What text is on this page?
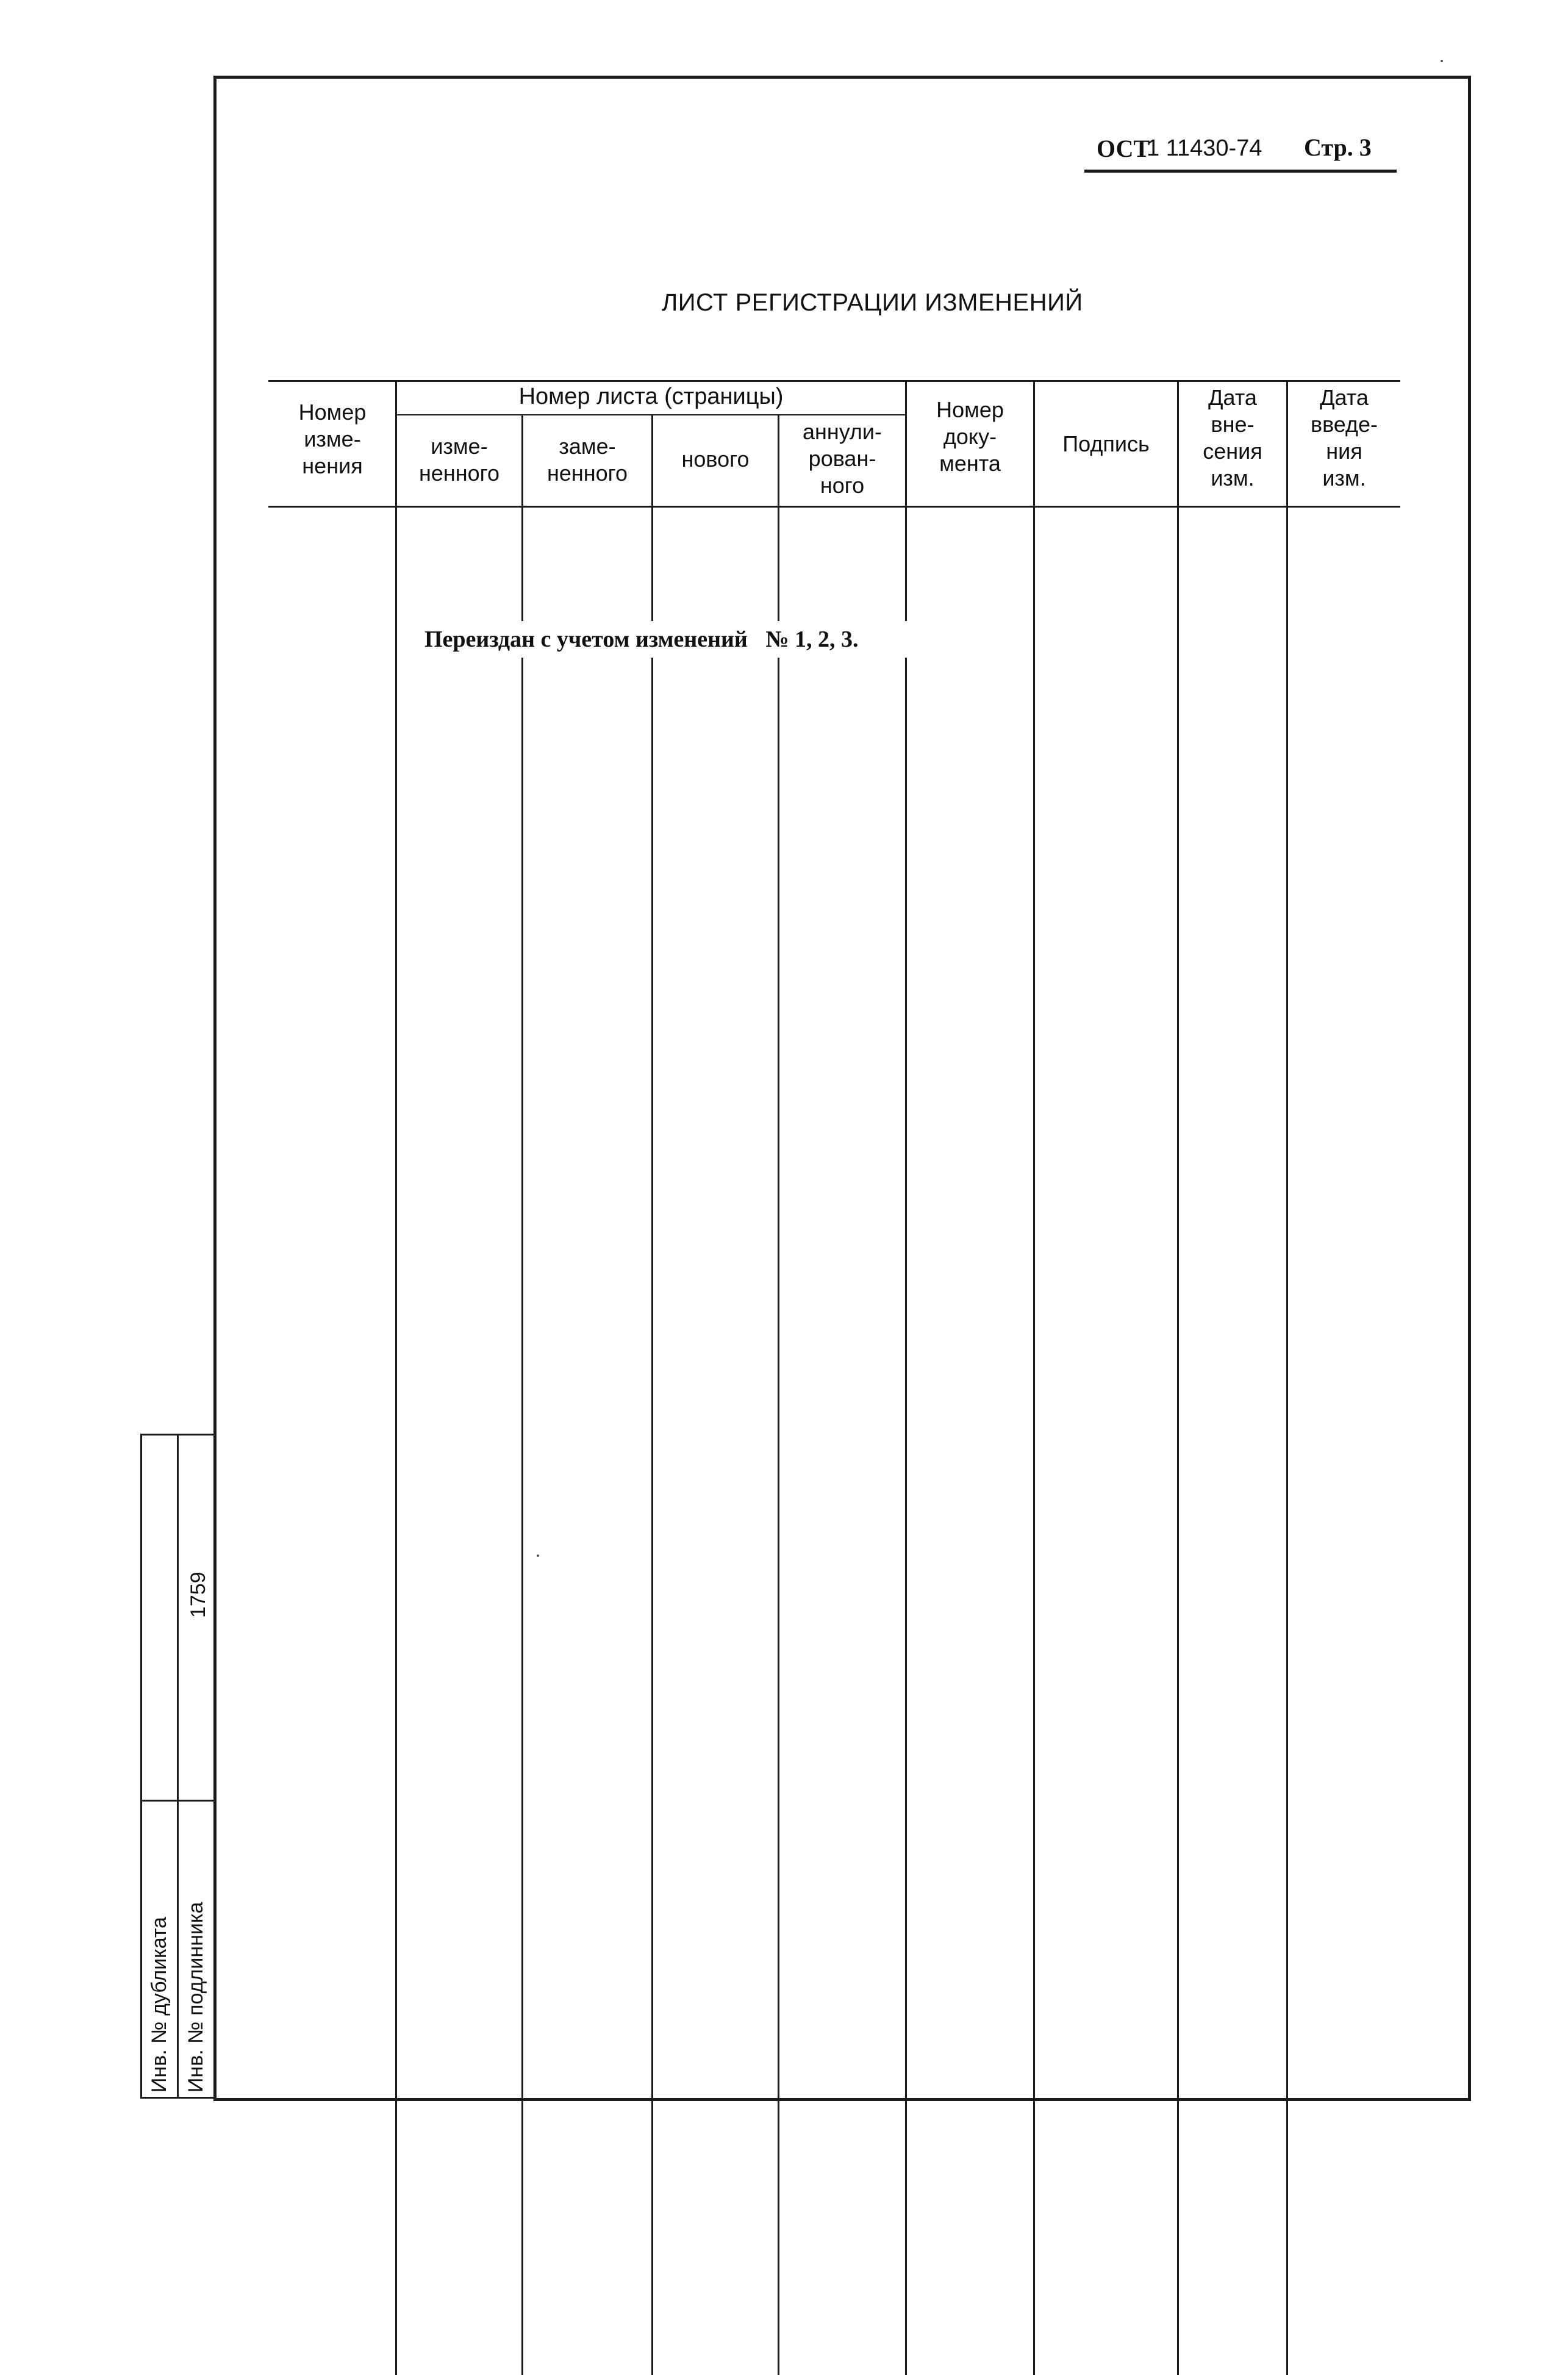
ОСТ
1 11430-74 Стр. 3
ЛИСТ РЕГИСТРАЦИИ ИЗМЕНЕНИЙ
Номер
изме-
нения
Номер листа (страницы)
изме-
ненного
заме-
ненного
нового
аннули-
рован-
ного
Номер
доку-
мента
Подпись
Дата
вне-
сения
изм.
Дата
введе-
ния
изм.
Переиздан с учетом изменений № 1, 2, 3.
Инв. № дубликата Инв. № подлинника
1759
